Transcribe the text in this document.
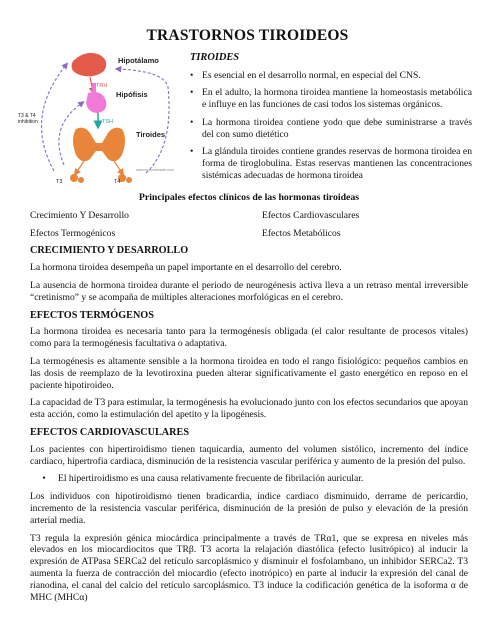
TRASTORNOS TIROIDEOS
Hipotálamo
TRH
Hipófisis
TSH
Tiroides
T3	T4
T3 & T4
inhibition
www.endocrineweb.com
TIROIDES
• Es esencial en el desarrollo normal, en especial del CNS.
• En el adulto, la hormona tiroidea mantiene la homeostasis metabólica e influye en las funciones de casi todos los sistemas orgánicos.
• La hormona tiroidea contiene yodo que debe suministrarse a través del con sumo dietético
• La glándula tiroides contiene grandes reservas de hormona tiroidea en forma de tiroglobulina. Estas reservas mantienen las concentraciones sistémicas adecuadas de hormona tiroidea
Principales efectos clínicos de las hormonas tiroideas
Crecimiento Y Desarrollo	Efectos Cardiovasculares
Efectos Termogénicos	Efectos Metabólicos
CRECIMIENTO Y DESARROLLO

La hormona tiroidea desempeña un papel importante en el desarrollo del cerebro.

La ausencia de hormona tiroidea durante el periodo de neurogénesis activa lleva a un retraso mental irreversible “cretinismo” y se acompaña de múltiples alteraciones morfológicas en el cerebro.

EFECTOS TERMÓGENOS

La hormona tiroidea es necesaria tanto para la termogénesis obligada (el calor resultante de procesos vitales) como para la termogénesis facultativa o adaptativa.

La termogénesis es altamente sensible a la hormona tiroidea en todo el rango fisiológico: pequeños cambios en las dosis de reemplazo de la levotiroxina pueden alterar significativamente el gasto energético en reposo en el paciente hipotiroideo.

La capacidad de T3 para estimular, la termogénesis ha evolucionado junto con los efectos secundarios que apoyan esta acción, como la estimulación del apetito y la lipogénesis.

EFECTOS CARDIOVASCULARES

Los pacientes con hipertiroidismo tienen taquicardia, aumento del volumen sistólico, incremento del índice cardiaco, hipertrofia cardiaca, disminución de la resistencia vascular periférica y aumento de la presión del pulso.

•	El hipertiroidismo es una causa relativamente frecuente de fibrilación auricular.

Los individuos con hipotiroidismo tienen bradicardia, índice cardiaco disminuido, derrame de pericardio, incremento de la resistencia vascular periférica, disminución de la presión de pulso y elevación de la presión arterial media.

T3 regula la expresión génica miocárdica principalmente a través de TRα1, que se expresa en niveles más elevados en los miocardiocitos que TRβ. T3 acorta la relajación diastólica (efecto lusitrópico) al inducir la expresión de ATPasa SERCa2 del retículo sarcoplásmico y disminuir el fosfolambano, un inhibidor SERCa2. T3 aumenta la fuerza de contracción del miocardio (efecto inotrópico) en parte al inducir la expresión del canal de rianodina, el canal del calcio del retículo sarcoplásmico. T3 induce la codificación genética de la isoforma α de MHC (MHCα)
